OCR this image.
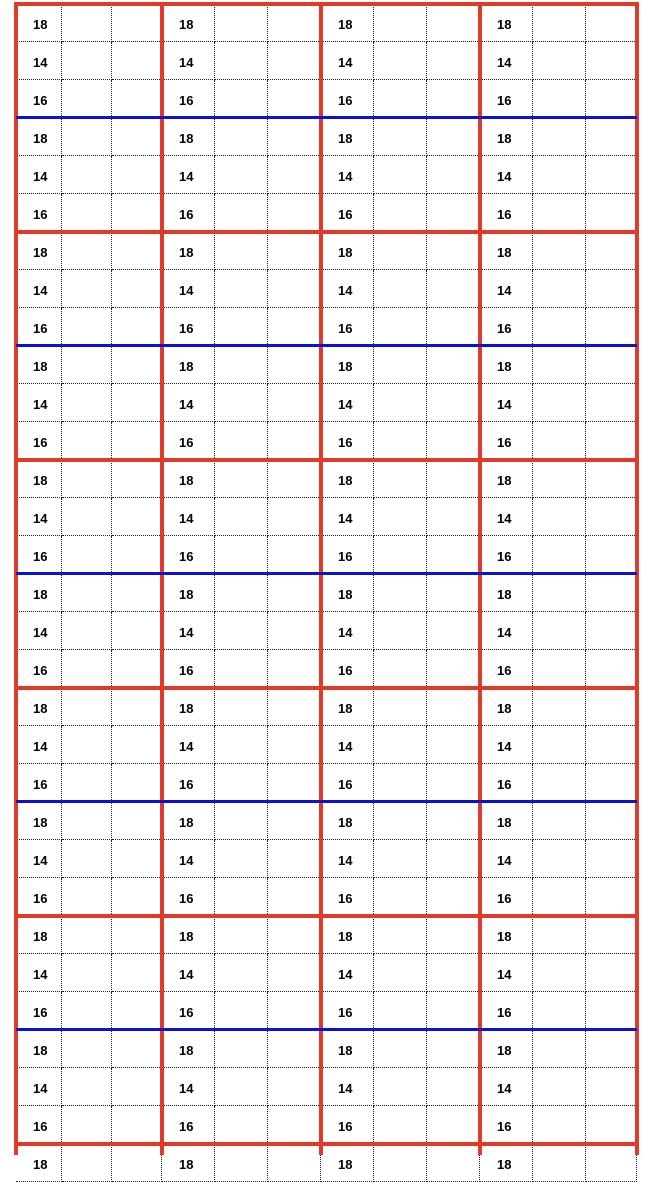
18	18	18	18
14	14	14	14
16	16	16	16
18	18	18	18
14	14	14	14
16	16	16	16
18	18	18	18
14	14	14	14
16	16	16	16
18	18	18	18
14	14	14	14
16	16	16	16
18	18	18	18
14	14	14	14
16	16	16	16
18	18	18	18
14	14	14	14
16	16	16	16
18	18	18	18
14	14	14	14
16	16	16	16
18	18	18	18
14	14	14	14
16	16	16	16
18	18	18	18
14	14	14	14
16	16	16	16
18	18	18	18
14	14	14	14
16	16	16	16
18	18	18	18
